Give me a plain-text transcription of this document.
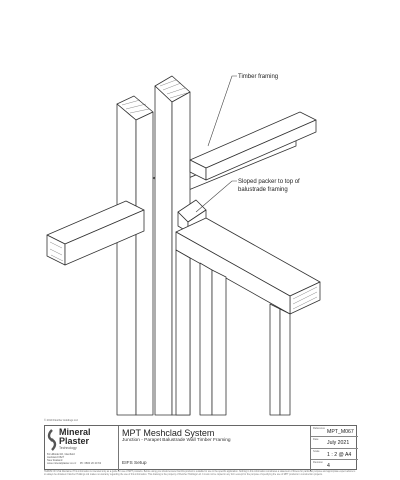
Timber framing
Sloped packer to top of
balustrade framing
© 2019 Fletcher Holdings Ltd
Mineral
Plaster
Technology
81 Hillside Rd, Glenfield
Auckland 0627
New Zealand
www.mineralplaster.co.nz     Ph: 0800 20 20 63
MPT Meshclad System
Junction - Parapet Balustrade Wall Timber Framing
EIFS Setup
Reference
MPT_M067
Date
July 2021
Scale
1 : 2 @ A4
Revision
4
TERMS OF USE Disclaimer This information is intended only as a guide for use of MPT products. Before using you should ensure that this product is suitable for use in the specific application. Nothing in this information constitutes a statement of fitness for particular purpose and appropriate expert advice is to always be obtained. Fletcher Holdings Ltd makes no warranty regarding the use of this information. This drawing is the property of Fletcher Holdings Ltd. It must not be copied in any form except for the purpose of specifying the use of MPT products in construction projects.
